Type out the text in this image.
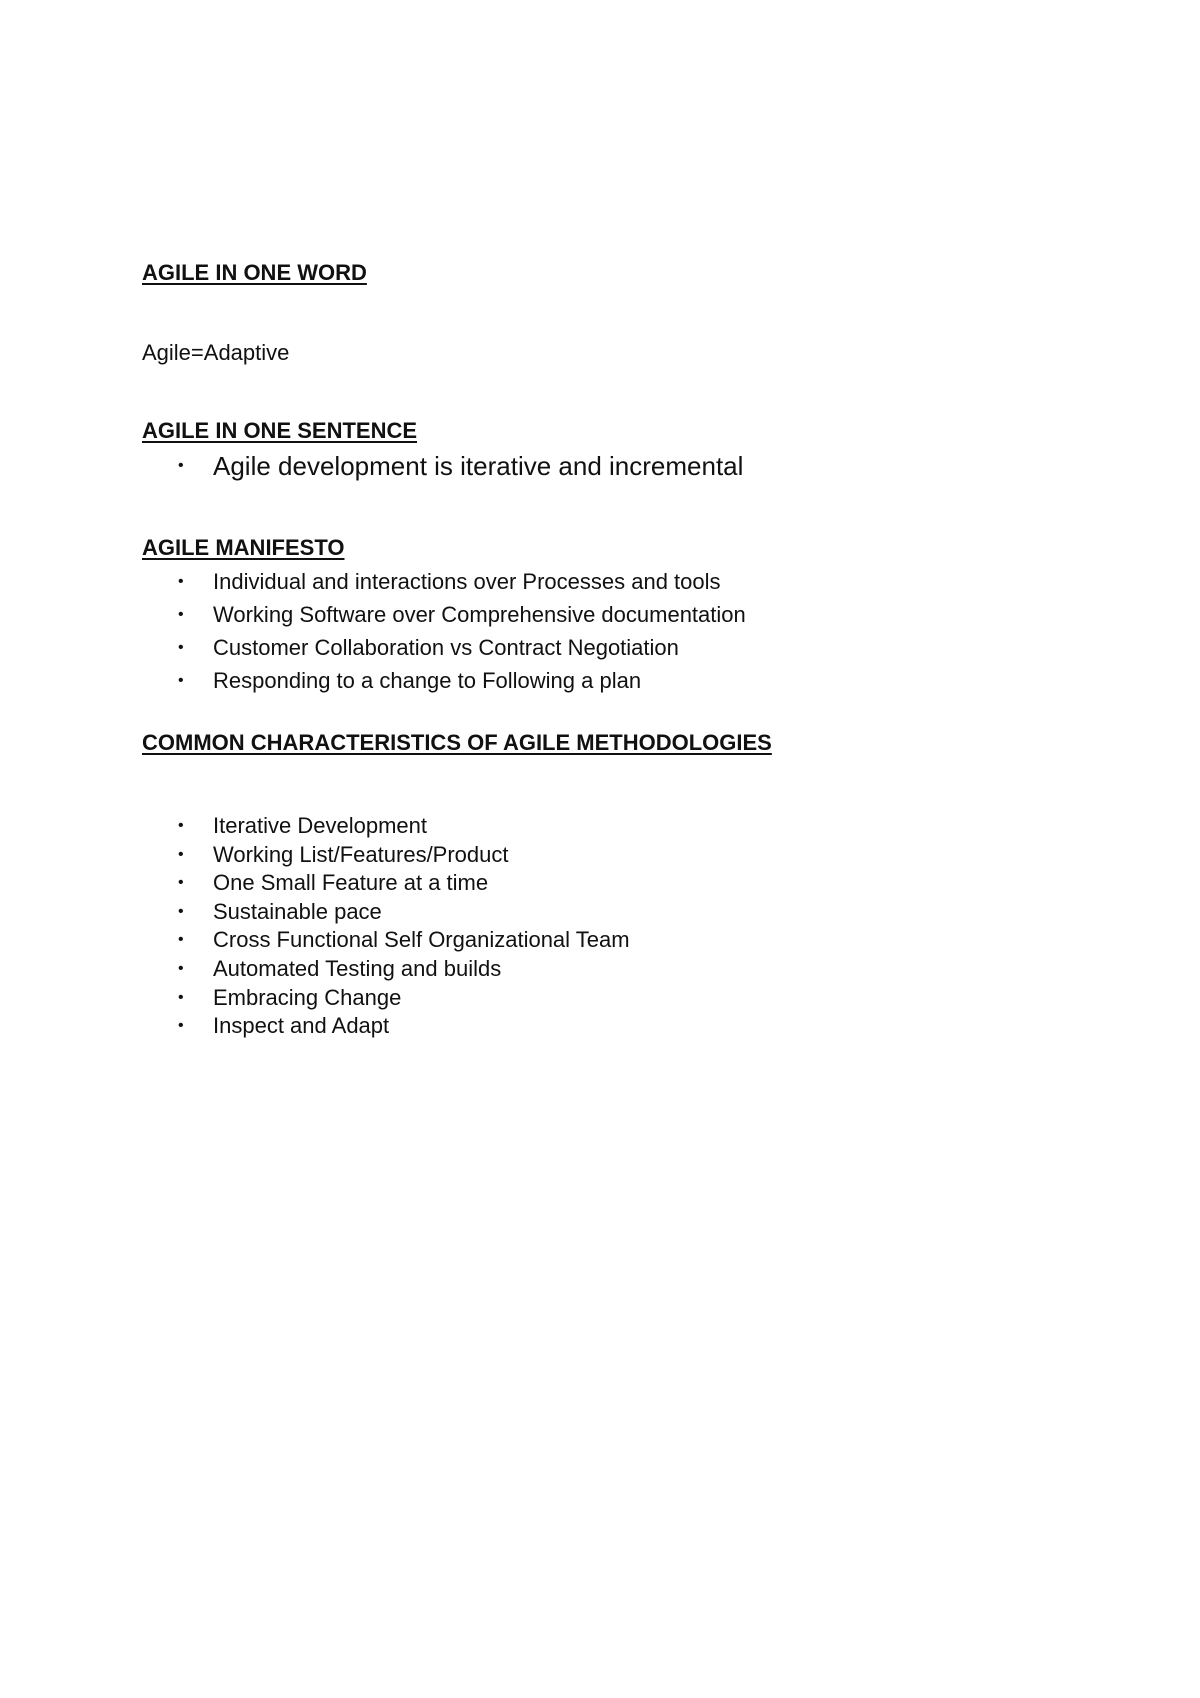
AGILE IN ONE WORD

Agile=Adaptive

AGILE IN ONE SENTENCE
• Agile development is iterative and incremental
AGILE MANIFESTO
• Individual and interactions over Processes and tools
• Working Software over Comprehensive documentation
• Customer Collaboration vs Contract Negotiation
• Responding to a change to Following a plan
COMMON CHARACTERISTICS OF AGILE METHODOLOGIES
• Iterative Development
• Working List/Features/Product
• One Small Feature at a time
• Sustainable pace
• Cross Functional Self Organizational Team
• Automated Testing and builds
• Embracing Change
• Inspect and Adapt
